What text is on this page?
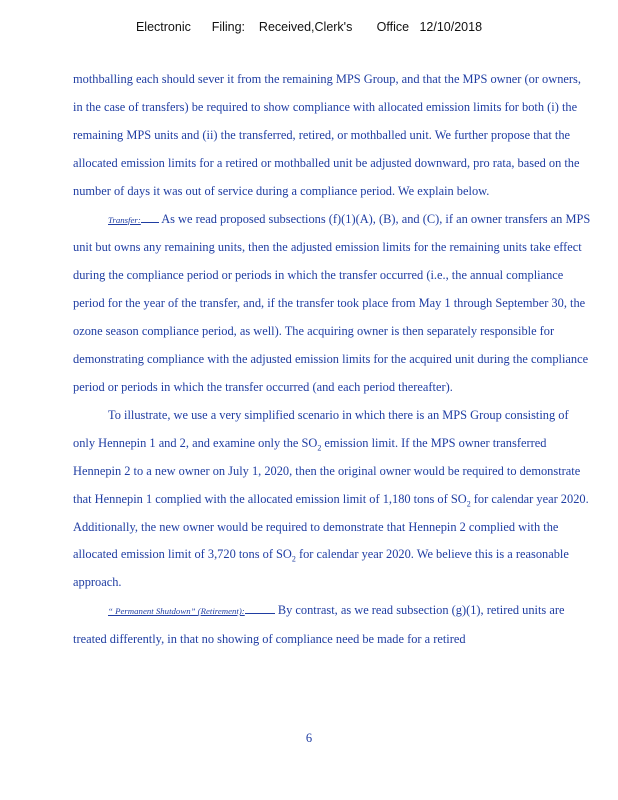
Electronic      Filing:    Received,Clerk's       Office   12/10/2018

mothballing each should sever it from the remaining MPS Group, and that the MPS owner (or owners, in the case of transfers) be required to show compliance with allocated emission limits for both (i) the remaining MPS units and (ii) the transferred, retired, or mothballed unit. We further propose that the allocated emission limits for a retired or mothballed unit be adjusted downward, pro rata, based on the number of days it was out of service during a compliance period. We explain below.

Transfer: As we read proposed subsections (f)(1)(A), (B), and (C), if an owner transfers an MPS unit but owns any remaining units, then the adjusted emission limits for the remaining units take effect during the compliance period or periods in which the transfer occurred (i.e., the annual compliance period for the year of the transfer, and, if the transfer took place from May 1 through September 30, the ozone season compliance period, as well). The acquiring owner is then separately responsible for demonstrating compliance with the adjusted emission limits for the acquired unit during the compliance period or periods in which the transfer occurred (and each period thereafter).

To illustrate, we use a very simplified scenario in which there is an MPS Group consisting of only Hennepin 1 and 2, and examine only the $SO_2$ emission limit. If the MPS owner transferred Hennepin 2 to a new owner on July 1, 2020, then the original owner would be required to demonstrate that Hennepin 1 complied with the allocated emission limit of 1,180 tons of $SO_2$ for calendar year 2020. Additionally, the new owner would be required to demonstrate that Hennepin 2 complied with the allocated emission limit of 3,720 tons of $SO_2$ for calendar year 2020. We believe this is a reasonable approach.

“ Permanent Shutdown” (Retirement):	By contrast, as we read subsection (g)(1), retired units are treated differently, in that no showing of compliance need be made for a retired

6
